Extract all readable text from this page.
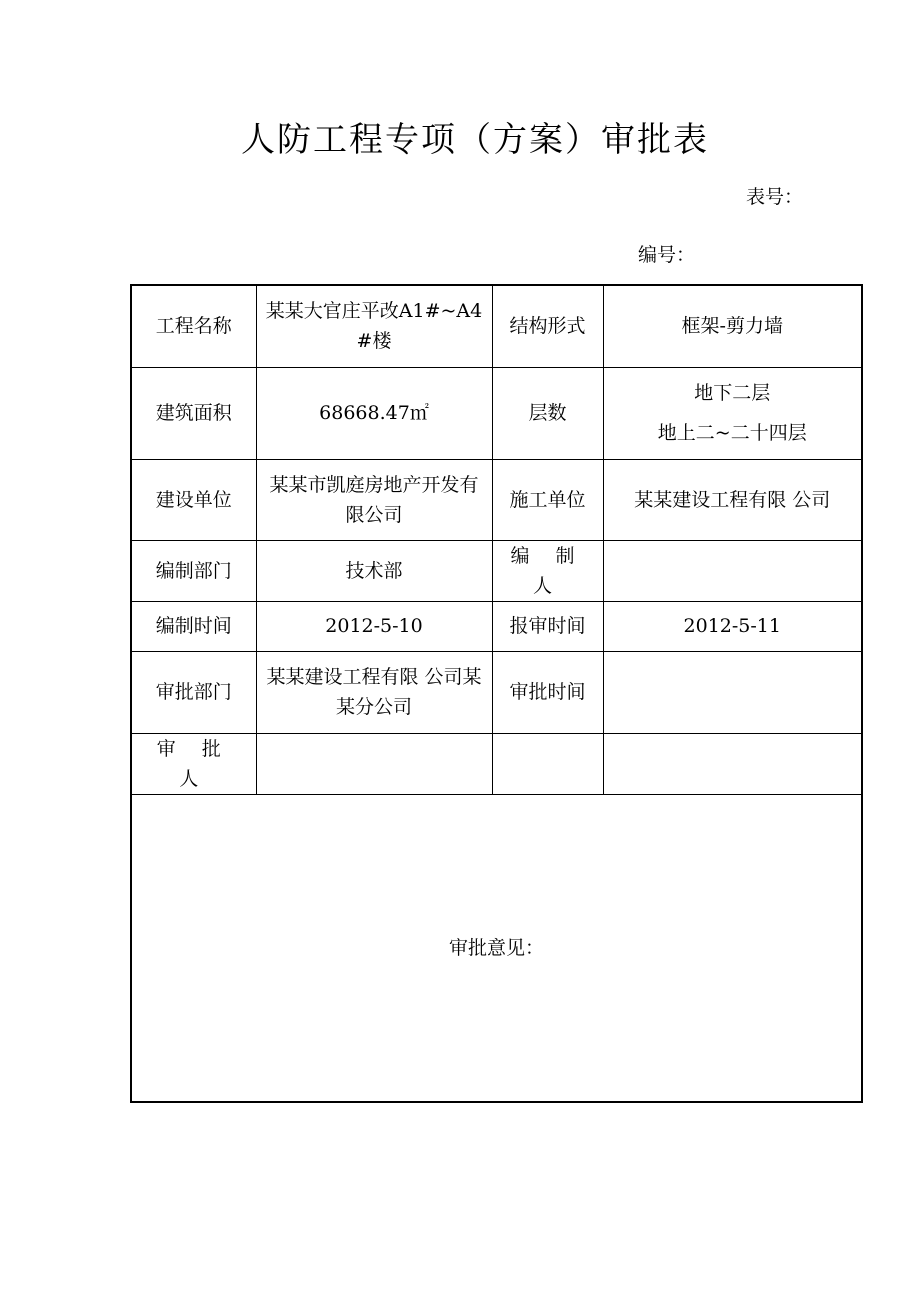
人防工程专项（方案）审批表
表号：
编号：
工程名称	某某大官庄平改A1#~A4#楼	结构形式	框架-剪力墙
建筑面积	68668.47㎡	层数	地下二层
地上二~二十四层

建设单位	某某市凯庭房地产开发有限公司	施工单位	某某建设工程有限 公司
编制部门	技术部	编 制 人	
编制时间	2012-5-10	报审时间	2012-5-11
审批部门	某某建设工程有限 公司某某分公司	审批时间	
审 批 人			
审批意见：			
